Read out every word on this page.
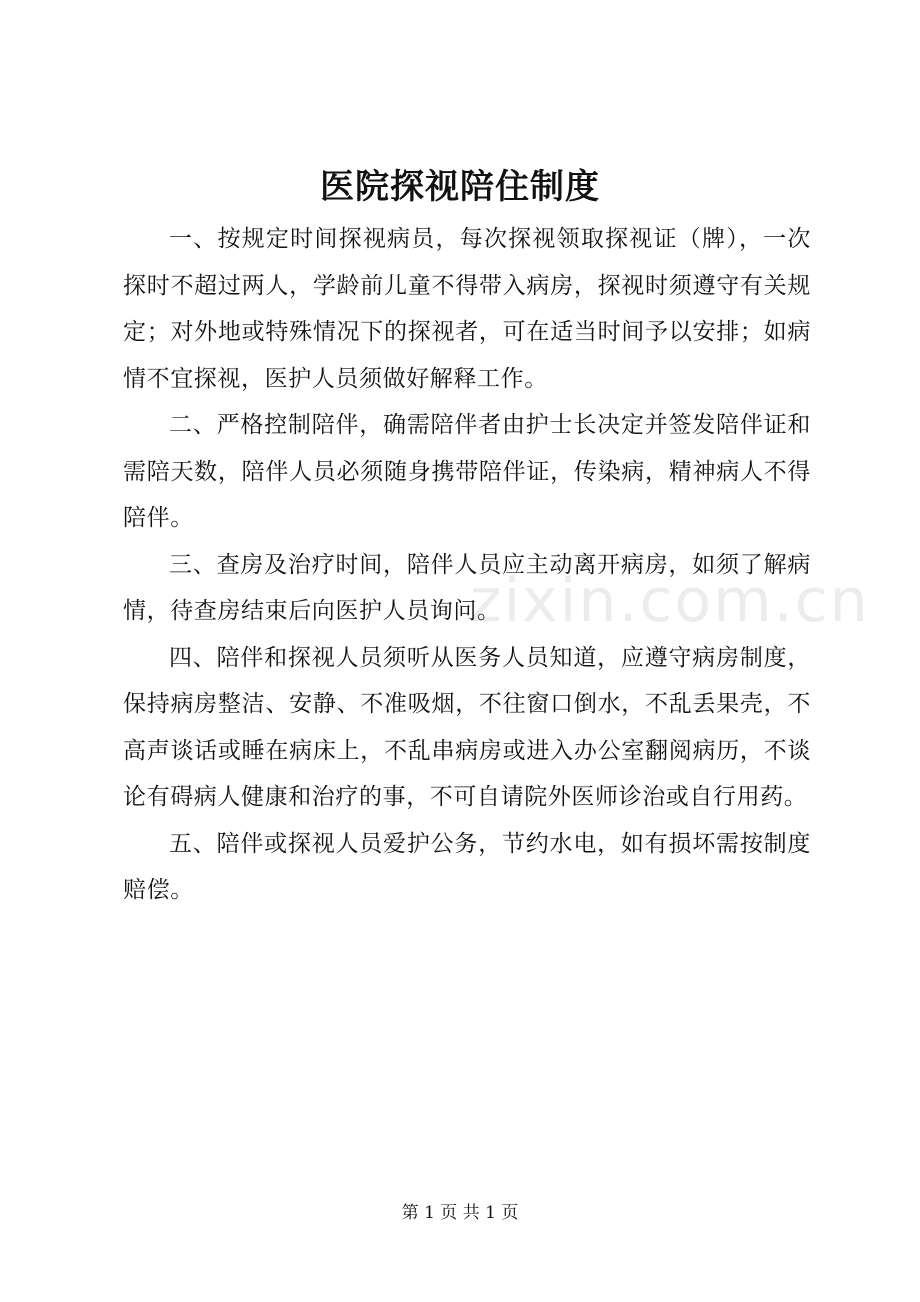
医院探视陪住制度

一、按规定时间探视病员，每次探视领取探视证（牌），一次探时不超过两人，学龄前儿童不得带入病房，探视时须遵守有关规定；对外地或特殊情况下的探视者，可在适当时间予以安排；如病情不宜探视，医护人员须做好解释工作。

二、严格控制陪伴，确需陪伴者由护士长决定并签发陪伴证和需陪天数，陪伴人员必须随身携带陪伴证，传染病，精神病人不得陪伴。

三、查房及治疗时间，陪伴人员应主动离开病房，如须了解病情，待查房结束后向医护人员询问。

四、陪伴和探视人员须听从医务人员知道，应遵守病房制度，保持病房整洁、安静、不准吸烟，不往窗口倒水，不乱丢果壳，不高声谈话或睡在病床上，不乱串病房或进入办公室翻阅病历，不谈论有碍病人健康和治疗的事，不可自请院外医师诊治或自行用药。

五、陪伴或探视人员爱护公务，节约水电，如有损坏需按制度赔偿。

zixin.com.cn
第 1 页 共 1 页
